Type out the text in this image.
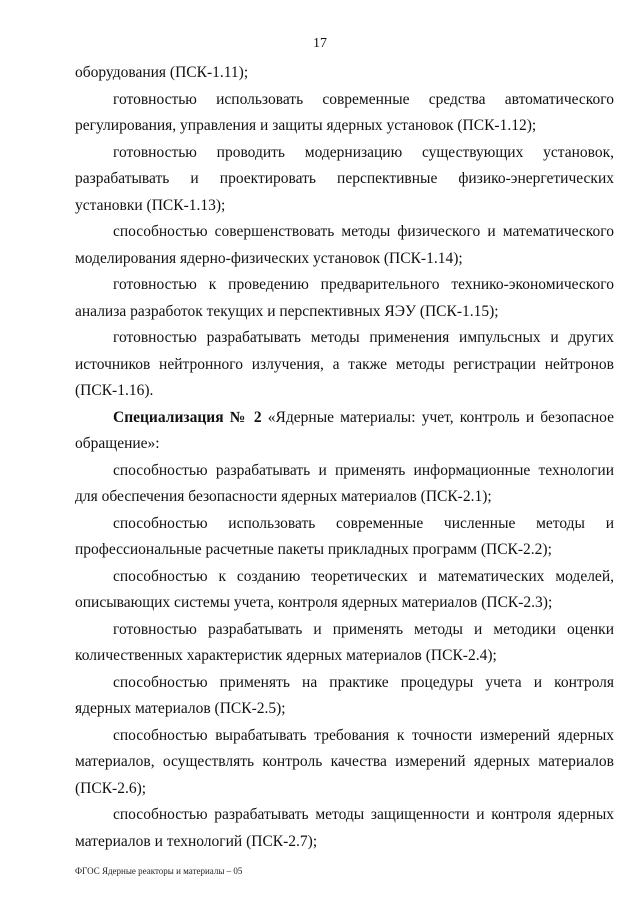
17

оборудования (ПСК-1.11);

готовностью использовать современные средства автоматического регулирования, управления и защиты ядерных установок (ПСК-1.12);

готовностью проводить модернизацию существующих установок, разрабатывать и проектировать перспективные физико-энергетических установки (ПСК-1.13);

способностью совершенствовать методы физического и математического моделирования ядерно-физических установок (ПСК-1.14);

готовностью к проведению предварительного технико-экономического анализа разработок текущих и перспективных ЯЭУ (ПСК-1.15);

готовностью разрабатывать методы применения импульсных и других источников нейтронного излучения, а также методы регистрации нейтронов (ПСК-1.16).

Специализация № 2 «Ядерные материалы: учет, контроль и безопасное обращение»:

способностью разрабатывать и применять информационные технологии для обеспечения безопасности ядерных материалов (ПСК-2.1);

способностью использовать современные численные методы и профессиональные расчетные пакеты прикладных программ (ПСК-2.2);

способностью к созданию теоретических и математических моделей, описывающих системы учета, контроля ядерных материалов (ПСК-2.3);

готовностью разрабатывать и применять методы и методики оценки количественных характеристик ядерных материалов (ПСК-2.4);

способностью применять на практике процедуры учета и контроля ядерных материалов (ПСК-2.5);

способностью вырабатывать требования к точности измерений ядерных материалов, осуществлять контроль качества измерений ядерных материалов (ПСК-2.6);

способностью разрабатывать методы защищенности и контроля ядерных материалов и технологий (ПСК-2.7);

ФГОС Ядерные реакторы и материалы – 05
